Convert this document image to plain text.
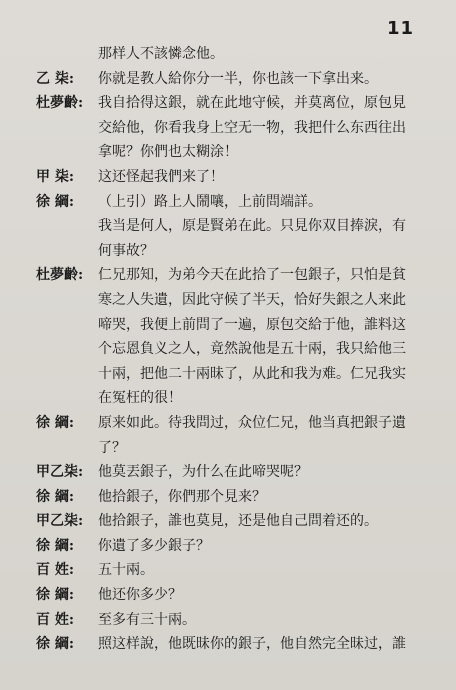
11
那样人不該憐念他。
乙 柒:	你就是教人給你分一半，你也該一下拿出来。
杜夢齡:	我自拾得这銀，就在此地守候，并莫离位，原包見
交給他，你看我身上空无一物，我把什么东西往出
拿呢？你們也太糊涂！
甲 柒:	这还怪起我們来了！
徐 綱:	（上引）路上人鬧嚷，上前問端詳。
我当是何人，原是賢弟在此。只見你双目捧淚，有
何事故？
杜夢齡:	仁兄那知，为弟今天在此拾了一包銀子，只怕是貧
寒之人失遺，因此守候了半天，恰好失銀之人来此
啼哭，我便上前問了一遍，原包交給于他，誰料这
个忘恩負义之人，竟然說他是五十兩，我只給他三
十兩，把他二十兩昧了，从此和我为难。仁兄我实
在冤枉的很！
徐 綱:	原来如此。待我問过，众位仁兄，他当真把銀子遺
了？
甲乙柒:	他莫丟銀子，为什么在此啼哭呢？
徐 綱:	他拾銀子，你們那个見来？
甲乙柒:	他拾銀子，誰也莫見，还是他自己問着还的。
徐 綱:	你遺了多少銀子？
百 姓:	五十兩。
徐 綱:	他还你多少？
百 姓:	至多有三十兩。
徐 綱:	照这样說，他既昧你的銀子，他自然完全昧过，誰
